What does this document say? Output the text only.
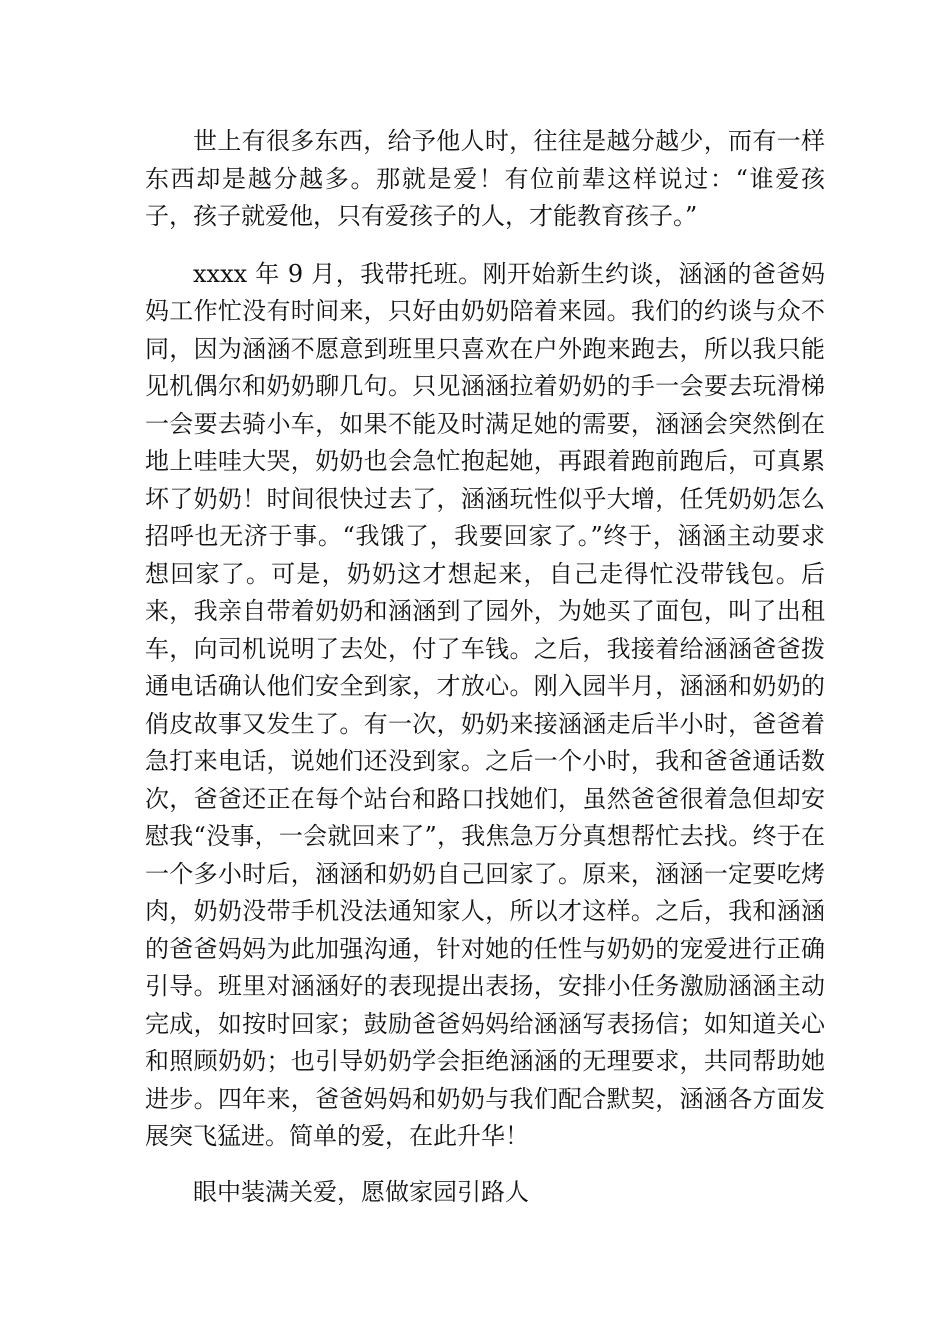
世上有很多东西，给予他人时，往往是越分越少，而有一样东西却是越分越多。那就是爱！有位前辈这样说过：“谁爱孩子，孩子就爱他，只有爱孩子的人，才能教育孩子。”

xxxx 年 9 月，我带托班。刚开始新生约谈，涵涵的爸爸妈妈工作忙没有时间来，只好由奶奶陪着来园。我们的约谈与众不同，因为涵涵不愿意到班里只喜欢在户外跑来跑去，所以我只能见机偶尔和奶奶聊几句。只见涵涵拉着奶奶的手一会要去玩滑梯一会要去骑小车，如果不能及时满足她的需要，涵涵会突然倒在地上哇哇大哭，奶奶也会急忙抱起她，再跟着跑前跑后，可真累坏了奶奶！时间很快过去了，涵涵玩性似乎大增，任凭奶奶怎么招呼也无济于事。“我饿了，我要回家了。”终于，涵涵主动要求想回家了。可是，奶奶这才想起来，自己走得忙没带钱包。后来，我亲自带着奶奶和涵涵到了园外，为她买了面包，叫了出租车，向司机说明了去处，付了车钱。之后，我接着给涵涵爸爸拨通电话确认他们安全到家，才放心。刚入园半月，涵涵和奶奶的俏皮故事又发生了。有一次，奶奶来接涵涵走后半小时，爸爸着急打来电话，说她们还没到家。之后一个小时，我和爸爸通话数次，爸爸还正在每个站台和路口找她们，虽然爸爸很着急但却安慰我“没事，一会就回来了”，我焦急万分真想帮忙去找。终于在一个多小时后，涵涵和奶奶自己回家了。原来，涵涵一定要吃烤肉，奶奶没带手机没法通知家人，所以才这样。之后，我和涵涵的爸爸妈妈为此加强沟通，针对她的任性与奶奶的宠爱进行正确引导。班里对涵涵好的表现提出表扬，安排小任务激励涵涵主动完成，如按时回家；鼓励爸爸妈妈给涵涵写表扬信；如知道关心和照顾奶奶；也引导奶奶学会拒绝涵涵的无理要求，共同帮助她进步。四年来，爸爸妈妈和奶奶与我们配合默契，涵涵各方面发展突飞猛进。简单的爱，在此升华！

眼中装满关爱，愿做家园引路人
